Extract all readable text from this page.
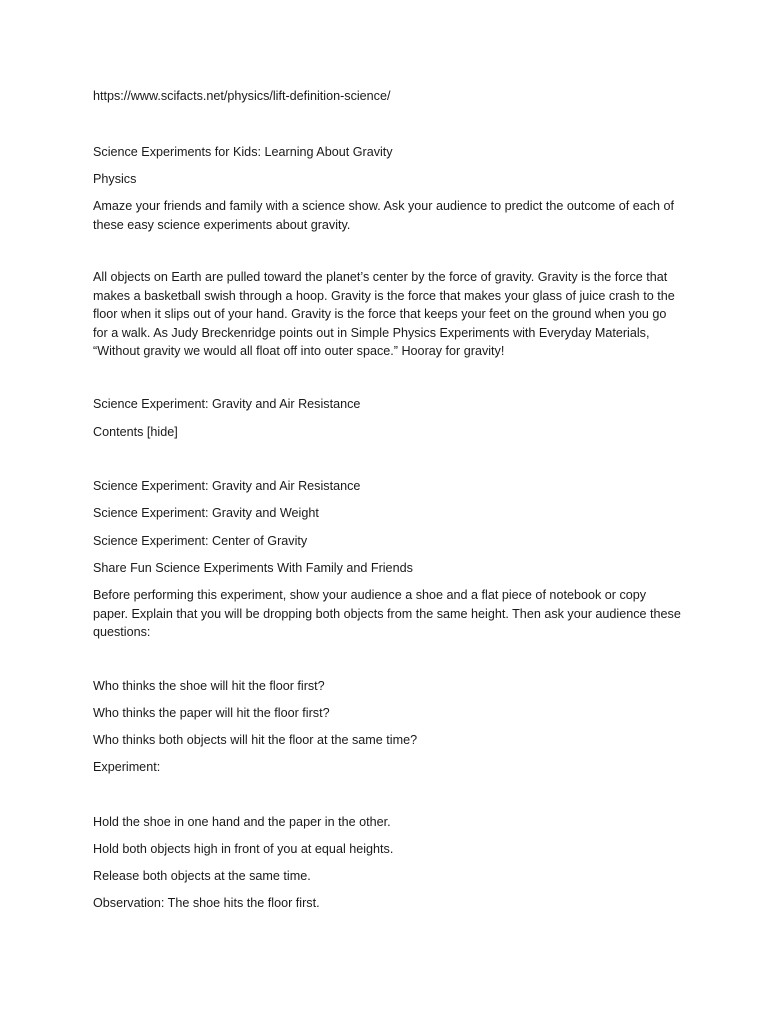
https://www.scifacts.net/physics/lift-definition-science/

Science Experiments for Kids: Learning About Gravity

Physics

Amaze your friends and family with a science show. Ask your audience to predict the outcome of each of these easy science experiments about gravity.

All objects on Earth are pulled toward the planet’s center by the force of gravity. Gravity is the force that makes a basketball swish through a hoop. Gravity is the force that makes your glass of juice crash to the floor when it slips out of your hand. Gravity is the force that keeps your feet on the ground when you go for a walk. As Judy Breckenridge points out in Simple Physics Experiments with Everyday Materials, “Without gravity we would all float off into outer space.” Hooray for gravity!

Science Experiment: Gravity and Air Resistance

Contents [hide]

Science Experiment: Gravity and Air Resistance

Science Experiment: Gravity and Weight

Science Experiment: Center of Gravity

Share Fun Science Experiments With Family and Friends

Before performing this experiment, show your audience a shoe and a flat piece of notebook or copy paper. Explain that you will be dropping both objects from the same height. Then ask your audience these questions:

Who thinks the shoe will hit the floor first?

Who thinks the paper will hit the floor first?

Who thinks both objects will hit the floor at the same time?

Experiment:

Hold the shoe in one hand and the paper in the other.

Hold both objects high in front of you at equal heights.

Release both objects at the same time.

Observation: The shoe hits the floor first.
